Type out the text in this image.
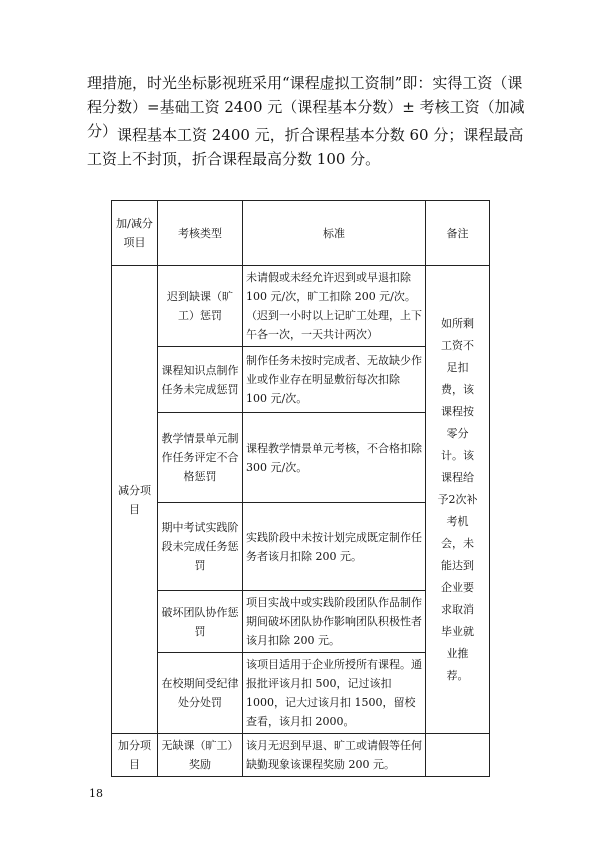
理措施，时光坐标影视班采用“课程虚拟工资制”即：实得工资（课程分数）=基础工资 2400 元（课程基本分数）± 考核工资（加减分） 课程基本工资 2400 元，折合课程基本分数 60 分；课程最高工资上不封顶，折合课程最高分数 100 分。

加/减分项目	考核类型	标准	备注
减分项目	迟到缺课（旷工）惩罚	未请假或未经允许迟到或早退扣除 100 元/次，旷工扣除 200 元/次。（迟到一小时以上记旷工处理，上下午各一次，一天共计两次）	如所剩工资不足扣费，该课程按零分计。该课程给予2次补考机会，未能达到企业要求取消毕业就业推荐。
	课程知识点制作任务未完成惩罚	制作任务未按时完成者、无故缺少作业或作业存在明显敷衍每次扣除 100 元/次。	
	教学情景单元制作任务评定不合格惩罚	课程教学情景单元考核，不合格扣除 300 元/次。	
	期中考试实践阶段未完成任务惩罚	实践阶段中未按计划完成既定制作任务者该月扣除 200 元。	
	破坏团队协作惩罚	项目实战中或实践阶段团队作品制作期间破坏团队协作影响团队积极性者该月扣除 200 元。	
	在校期间受纪律处分处罚	该项目适用于企业所授所有课程。通报批评该月扣 500，记过该扣 1000，记大过该月扣 1500，留校查看，该月扣 2000。	
加分项目	无缺课（旷工）奖励	该月无迟到早退、旷工或请假等任何缺勤现象该课程奖励 200 元。	
18
